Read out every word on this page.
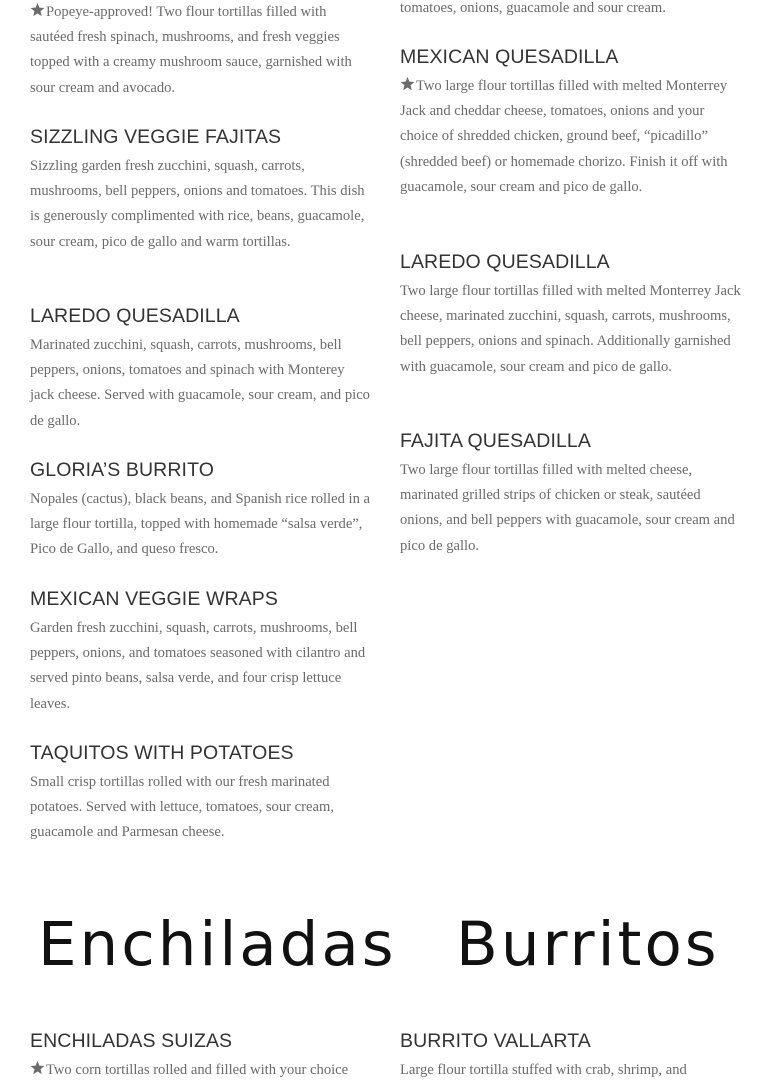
Popeye-approved! Two flour tortillas filled with sautéed fresh spinach, mushrooms, and fresh veggies topped with a creamy mushroom sauce, garnished with sour cream and avocado.

SIZZLING VEGGIE FAJITAS

Sizzling garden fresh zucchini, squash, carrots, mushrooms, bell peppers, onions and tomatoes. This dish is generously complimented with rice, beans, guacamole, sour cream, pico de gallo and warm tortillas.

LAREDO QUESADILLA

Marinated zucchini, squash, carrots, mushrooms, bell peppers, onions, tomatoes and spinach with Monterey jack cheese. Served with guacamole, sour cream, and pico de gallo.

GLORIA’S BURRITO

Nopales (cactus), black beans, and Spanish rice rolled in a large flour tortilla, topped with homemade “salsa verde”, Pico de Gallo, and queso fresco.

MEXICAN VEGGIE WRAPS

Garden fresh zucchini, squash, carrots, mushrooms, bell peppers, onions, and tomatoes seasoned with cilantro and served pinto beans, salsa verde, and four crisp lettuce leaves.

TAQUITOS WITH POTATOES

Small crisp tortillas rolled with our fresh marinated potatoes. Served with lettuce, tomatoes, sour cream, guacamole and Parmesan cheese.

tomatoes, onions, guacamole and sour cream.

MEXICAN QUESADILLA

Two large flour tortillas filled with melted Monterrey Jack and cheddar cheese, tomatoes, onions and your choice of shredded chicken, ground beef, “picadillo” (shredded beef) or homemade chorizo. Finish it off with guacamole, sour cream and pico de gallo.

LAREDO QUESADILLA

Two large flour tortillas filled with melted Monterrey Jack cheese, marinated zucchini, squash, carrots, mushrooms, bell peppers, onions and spinach. Additionally garnished with guacamole, sour cream and pico de gallo.

FAJITA QUESADILLA

Two large flour tortillas filled with melted cheese, marinated grilled strips of chicken or steak, sautéed onions, and bell peppers with guacamole, sour cream and pico de gallo.

Enchiladas Burritos
ENCHILADAS SUIZAS

Two corn tortillas rolled and filled with your choice

BURRITO VALLARTA

Large flour tortilla stuffed with crab, shrimp, and
